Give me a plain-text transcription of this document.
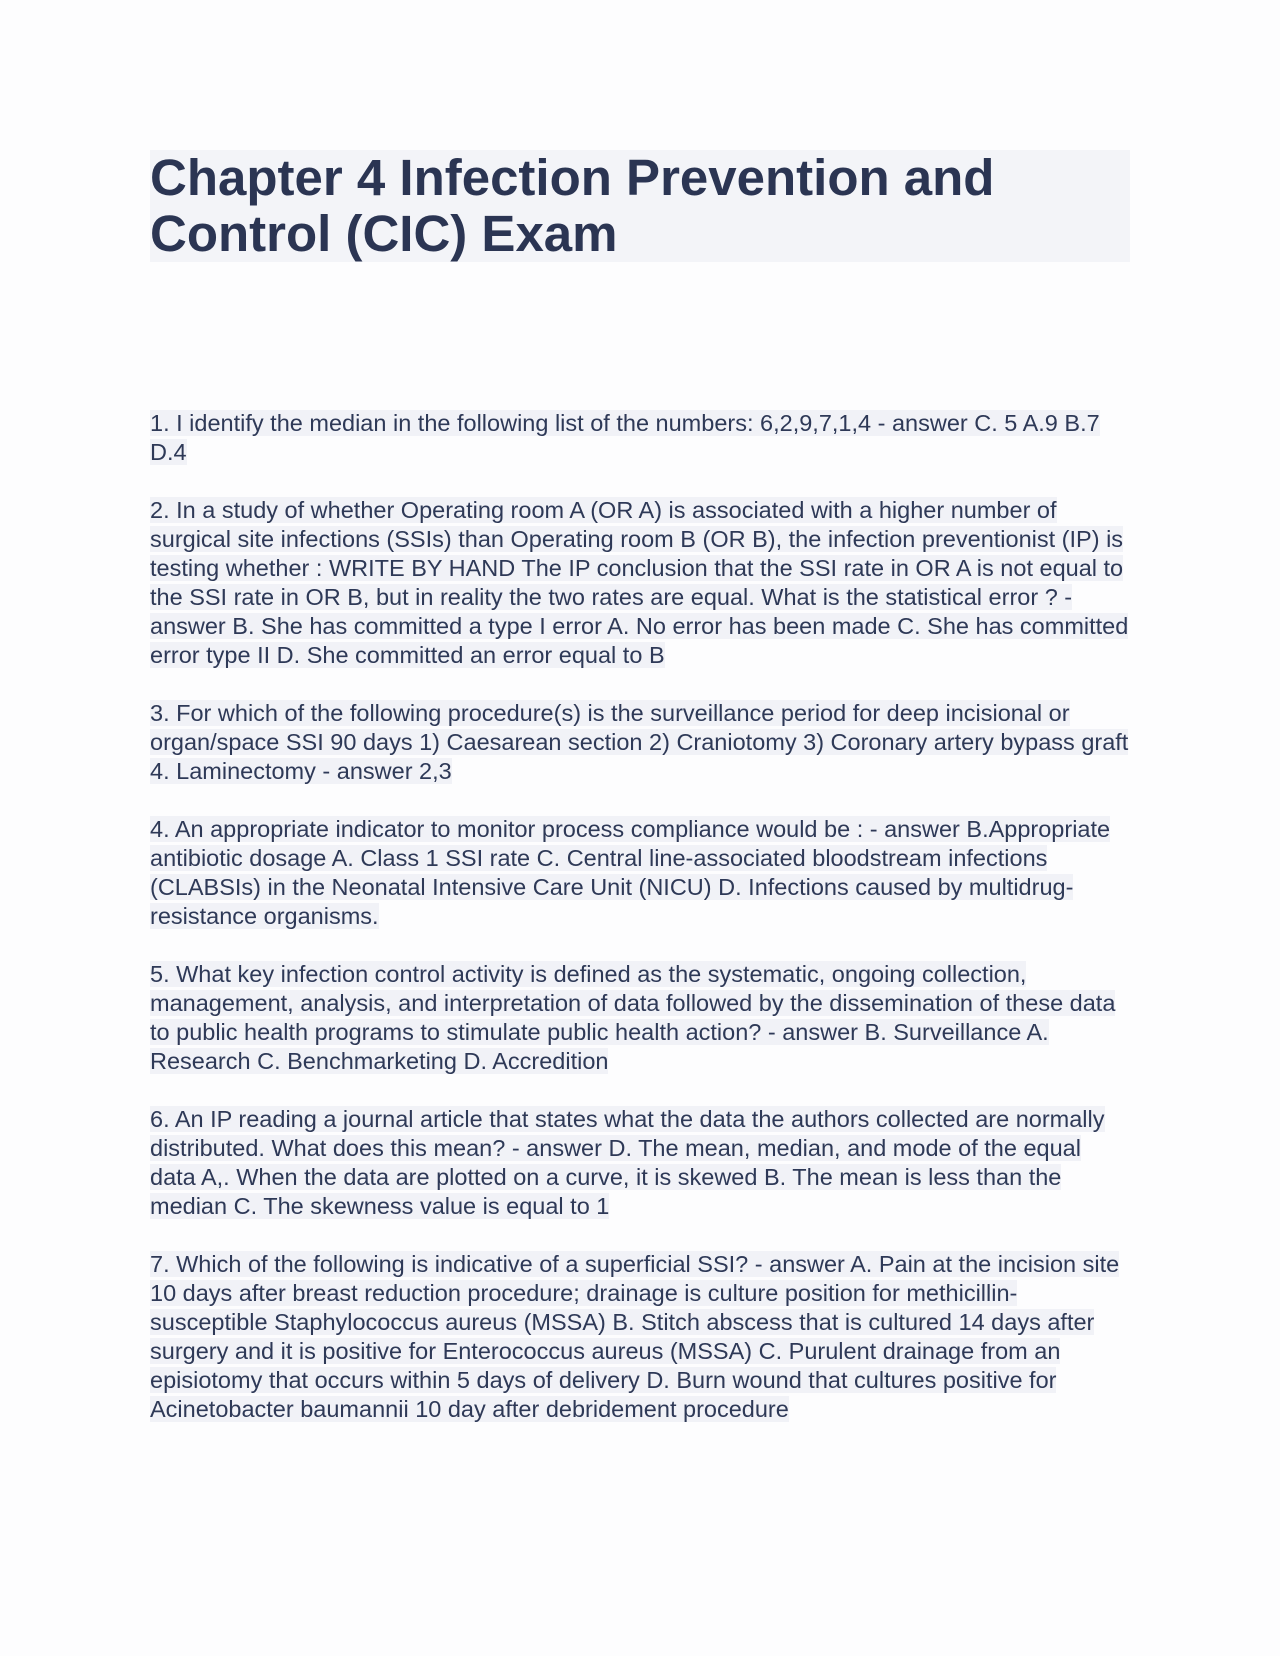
Chapter 4 Infection Prevention and Control (CIC) Exam

1. I identify the median in the following list of the numbers: 6,2,9,7,1,4 - answer C. 5 A.9 B.7 D.4

2. In a study of whether Operating room A (OR A) is associated with a higher number of surgical site infections (SSIs) than Operating room B (OR B), the infection preventionist (IP) is testing whether : WRITE BY HAND The IP conclusion that the SSI rate in OR A is not equal to the SSI rate in OR B, but in reality the two rates are equal. What is the statistical error ? - answer B. She has committed a type I error A. No error has been made C. She has committed error type II D. She committed an error equal to B

3. For which of the following procedure(s) is the surveillance period for deep incisional or organ/space SSI 90 days 1) Caesarean section 2) Craniotomy 3) Coronary artery bypass graft 4. Laminectomy - answer 2,3

4. An appropriate indicator to monitor process compliance would be : - answer B.Appropriate antibiotic dosage A. Class 1 SSI rate C. Central line-associated bloodstream infections (CLABSIs) in the Neonatal Intensive Care Unit (NICU) D. Infections caused by multidrug-resistance organisms.

5. What key infection control activity is defined as the systematic, ongoing collection, management, analysis, and interpretation of data followed by the dissemination of these data to public health programs to stimulate public health action? - answer B. Surveillance A. Research C. Benchmarketing D. Accredition

6. An IP reading a journal article that states what the data the authors collected are normally distributed. What does this mean? - answer D. The mean, median, and mode of the equal data A,. When the data are plotted on a curve, it is skewed B. The mean is less than the median C. The skewness value is equal to 1

7. Which of the following is indicative of a superficial SSI? - answer A. Pain at the incision site 10 days after breast reduction procedure; drainage is culture position for methicillin-susceptible Staphylococcus aureus (MSSA) B. Stitch abscess that is cultured 14 days after surgery and it is positive for Enterococcus aureus (MSSA) C. Purulent drainage from an episiotomy that occurs within 5 days of delivery D. Burn wound that cultures positive for Acinetobacter baumannii 10 day after debridement procedure
